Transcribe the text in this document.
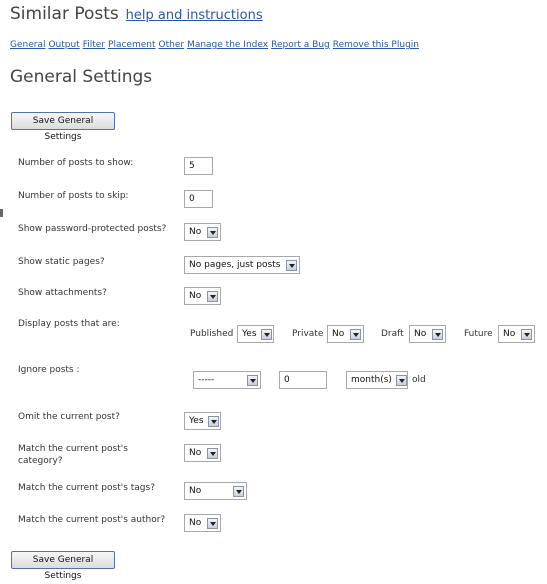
Similar Posts help and instructions
General Output Filter Placement Other Manage the Index Report a Bug Remove this Plugin
General Settings
Save General Settings
Number of posts to show:	5
Number of posts to skip:	0
Show password-protected posts?	No
Show static pages?	No pages, just posts
Show attachments?	No
Display posts that are:
Published Yes	Private No	Draft No	Future No
Ignore posts :
-----	0	month(s) old
Omit the current post?	Yes
Match the current post's category?
No
Match the current post's tags?	No
Match the current post's author?	No
Save General Settings
